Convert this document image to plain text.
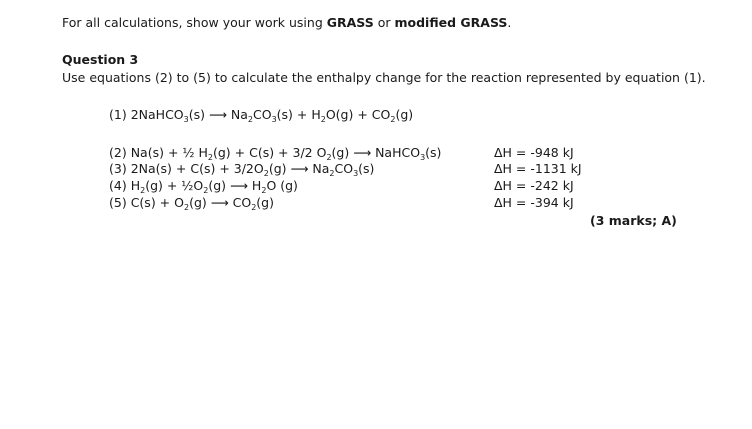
For all calculations, show your work using GRASS or modified GRASS.
Question 3
Use equations (2) to (5) to calculate the enthalpy change for the reaction represented by equation (1).
(1) 2NaHCO$_3$(s) ⟶ $Na_2CO_3(s) + H_2O(g) + CO_2(g)$
(2) Na(s) + ½ $H_2(g) + C(s) + 3/2$ $O_2(g)$ ⟶ NaHCO$_3$(s)	ΔH = -948 kJ
(3) $2Na(s) + C(s) + 3/2O_2(g)$ ⟶ $Na_2CO_3(s)$	ΔH = -1131 kJ
(4) $H_2(g)$ + $\frac{1}{2}O_2(g)$ ⟶ $H_2O$ (g)	ΔH = -242 kJ
(5) $C(s) + O_2(g)$ ⟶ $CO_2(g)$	ΔH = -394 kJ
(3 marks; A)
